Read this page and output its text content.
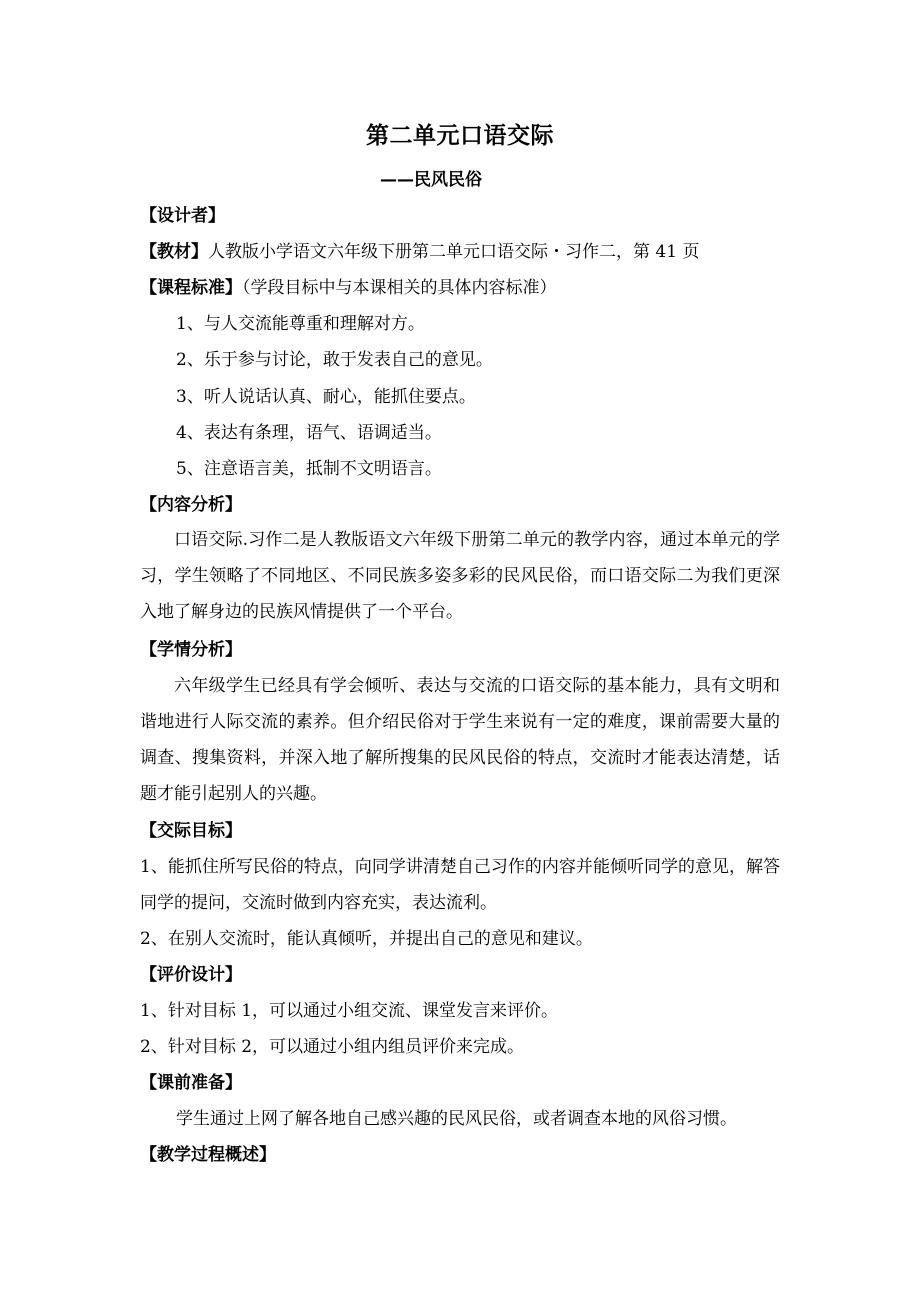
第二单元口语交际
——民风民俗
【设计者】
【教材】人教版小学语文六年级下册第二单元口语交际・习作二，第 41 页
【课程标准】（学段目标中与本课相关的具体内容标准）
1、与人交流能尊重和理解对方。
2、乐于参与讨论，敢于发表自己的意见。
3、听人说话认真、耐心，能抓住要点。
4、表达有条理，语气、语调适当。
5、注意语言美，抵制不文明语言。
【内容分析】
口语交际.习作二是人教版语文六年级下册第二单元的教学内容，通过本单元的学习，学生领略了不同地区、不同民族多姿多彩的民风民俗，而口语交际二为我们更深入地了解身边的民族风情提供了一个平台。
【学情分析】
六年级学生已经具有学会倾听、表达与交流的口语交际的基本能力，具有文明和谐地进行人际交流的素养。但介绍民俗对于学生来说有一定的难度，课前需要大量的调查、搜集资料，并深入地了解所搜集的民风民俗的特点，交流时才能表达清楚，话题才能引起别人的兴趣。
【交际目标】
1、能抓住所写民俗的特点，向同学讲清楚自己习作的内容并能倾听同学的意见，解答同学的提问，交流时做到内容充实，表达流利。
2、在别人交流时，能认真倾听，并提出自己的意见和建议。
【评价设计】
1、针对目标 1，可以通过小组交流、课堂发言来评价。
2、针对目标 2，可以通过小组内组员评价来完成。
【课前准备】
学生通过上网了解各地自己感兴趣的民风民俗，或者调查本地的风俗习惯。
【教学过程概述】
